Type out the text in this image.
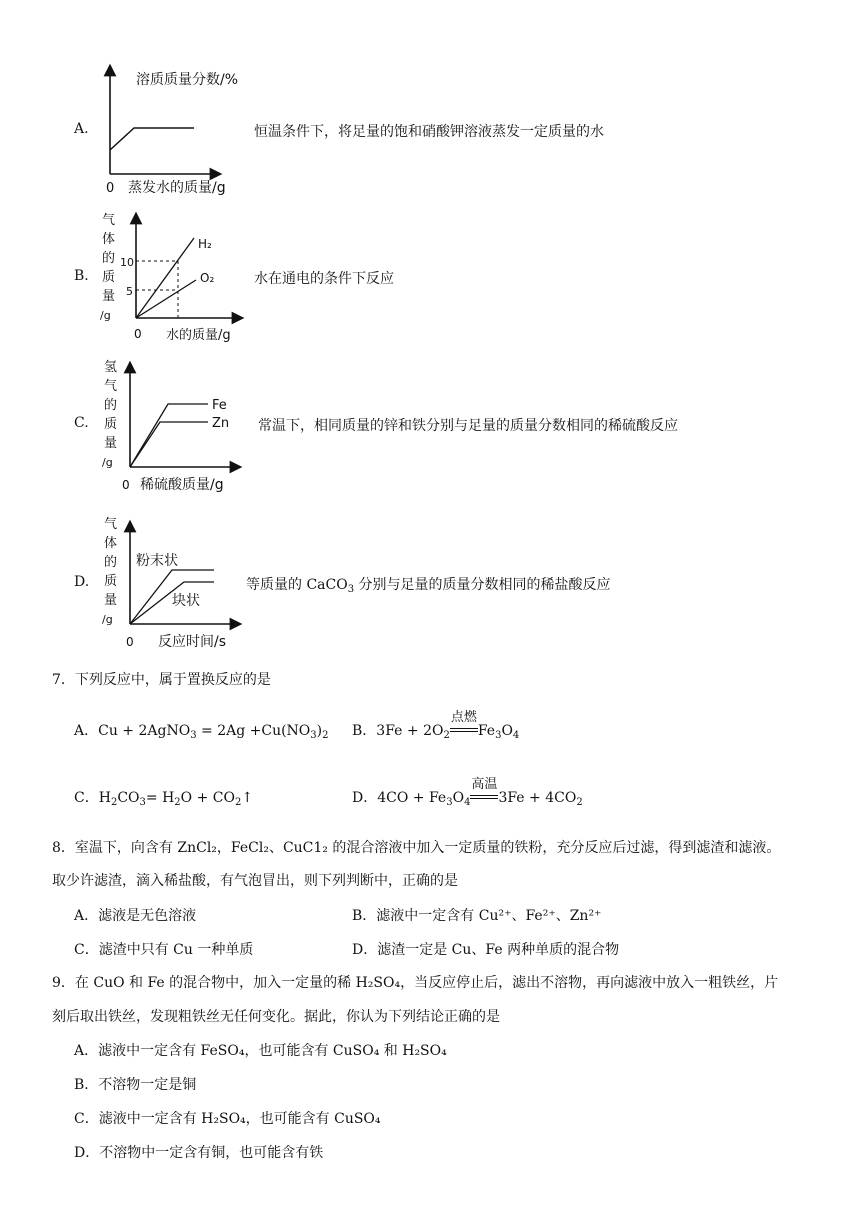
A.
溶质质量分数/%
0 蒸发水的质量/g
恒温条件下，将足量的饱和硝酸钾溶液蒸发一定质量的水
B.
气
体
的
质
量
/g
10
5
H₂
O₂
0 水的质量/g
水在通电的条件下反应
C.
氢
气
的
质
量
/g
Fe
Zn
0 稀硫酸质量/g
常温下，相同质量的锌和铁分别与足量的质量分数相同的稀硫酸反应
D.
气
体
的
质
量
/g
粉末状
块状
0 反应时间/s
等质量的 CaCO$_3$ 分别与足量的质量分数相同的稀盐酸反应
7．下列反应中，属于置换反应的是
A．Cu + 2AgNO$_3$ = $2Ag +Cu(NO_3)_2$ B．$3Fe + 2O_2$
点燃
$Fe_3O_4$
C．$H_2CO_3= H_2O$ + $CO_2↑$	D．$4CO + Fe_3O_4$
高温
$3Fe + 4CO_2$
8．室温下，向含有 ZnCl₂，FeCl₂、CuC1₂ 的混合溶液中加入一定质量的铁粉，充分反应后过滤，得到滤渣和滤液。
取少许滤渣，滴入稀盐酸，有气泡冒出，则下列判断中，正确的是
A．滤液是无色溶液	B．滤液中一定含有 Cu²⁺、Fe²⁺、Zn²⁺
C．滤渣中只有 Cu 一种单质	D．滤渣一定是 Cu、Fe 两种单质的混合物
9．在 CuO 和 Fe 的混合物中，加入一定量的稀 H₂SO₄，当反应停止后，滤出不溶物，再向滤液中放入一粗铁丝，片
刻后取出铁丝，发现粗铁丝无任何变化。据此，你认为下列结论正确的是
A．滤液中一定含有 FeSO₄，也可能含有 CuSO₄ 和 H₂SO₄
B．不溶物一定是铜
C．滤液中一定含有 H₂SO₄，也可能含有 CuSO₄
D．不溶物中一定含有铜，也可能含有铁
